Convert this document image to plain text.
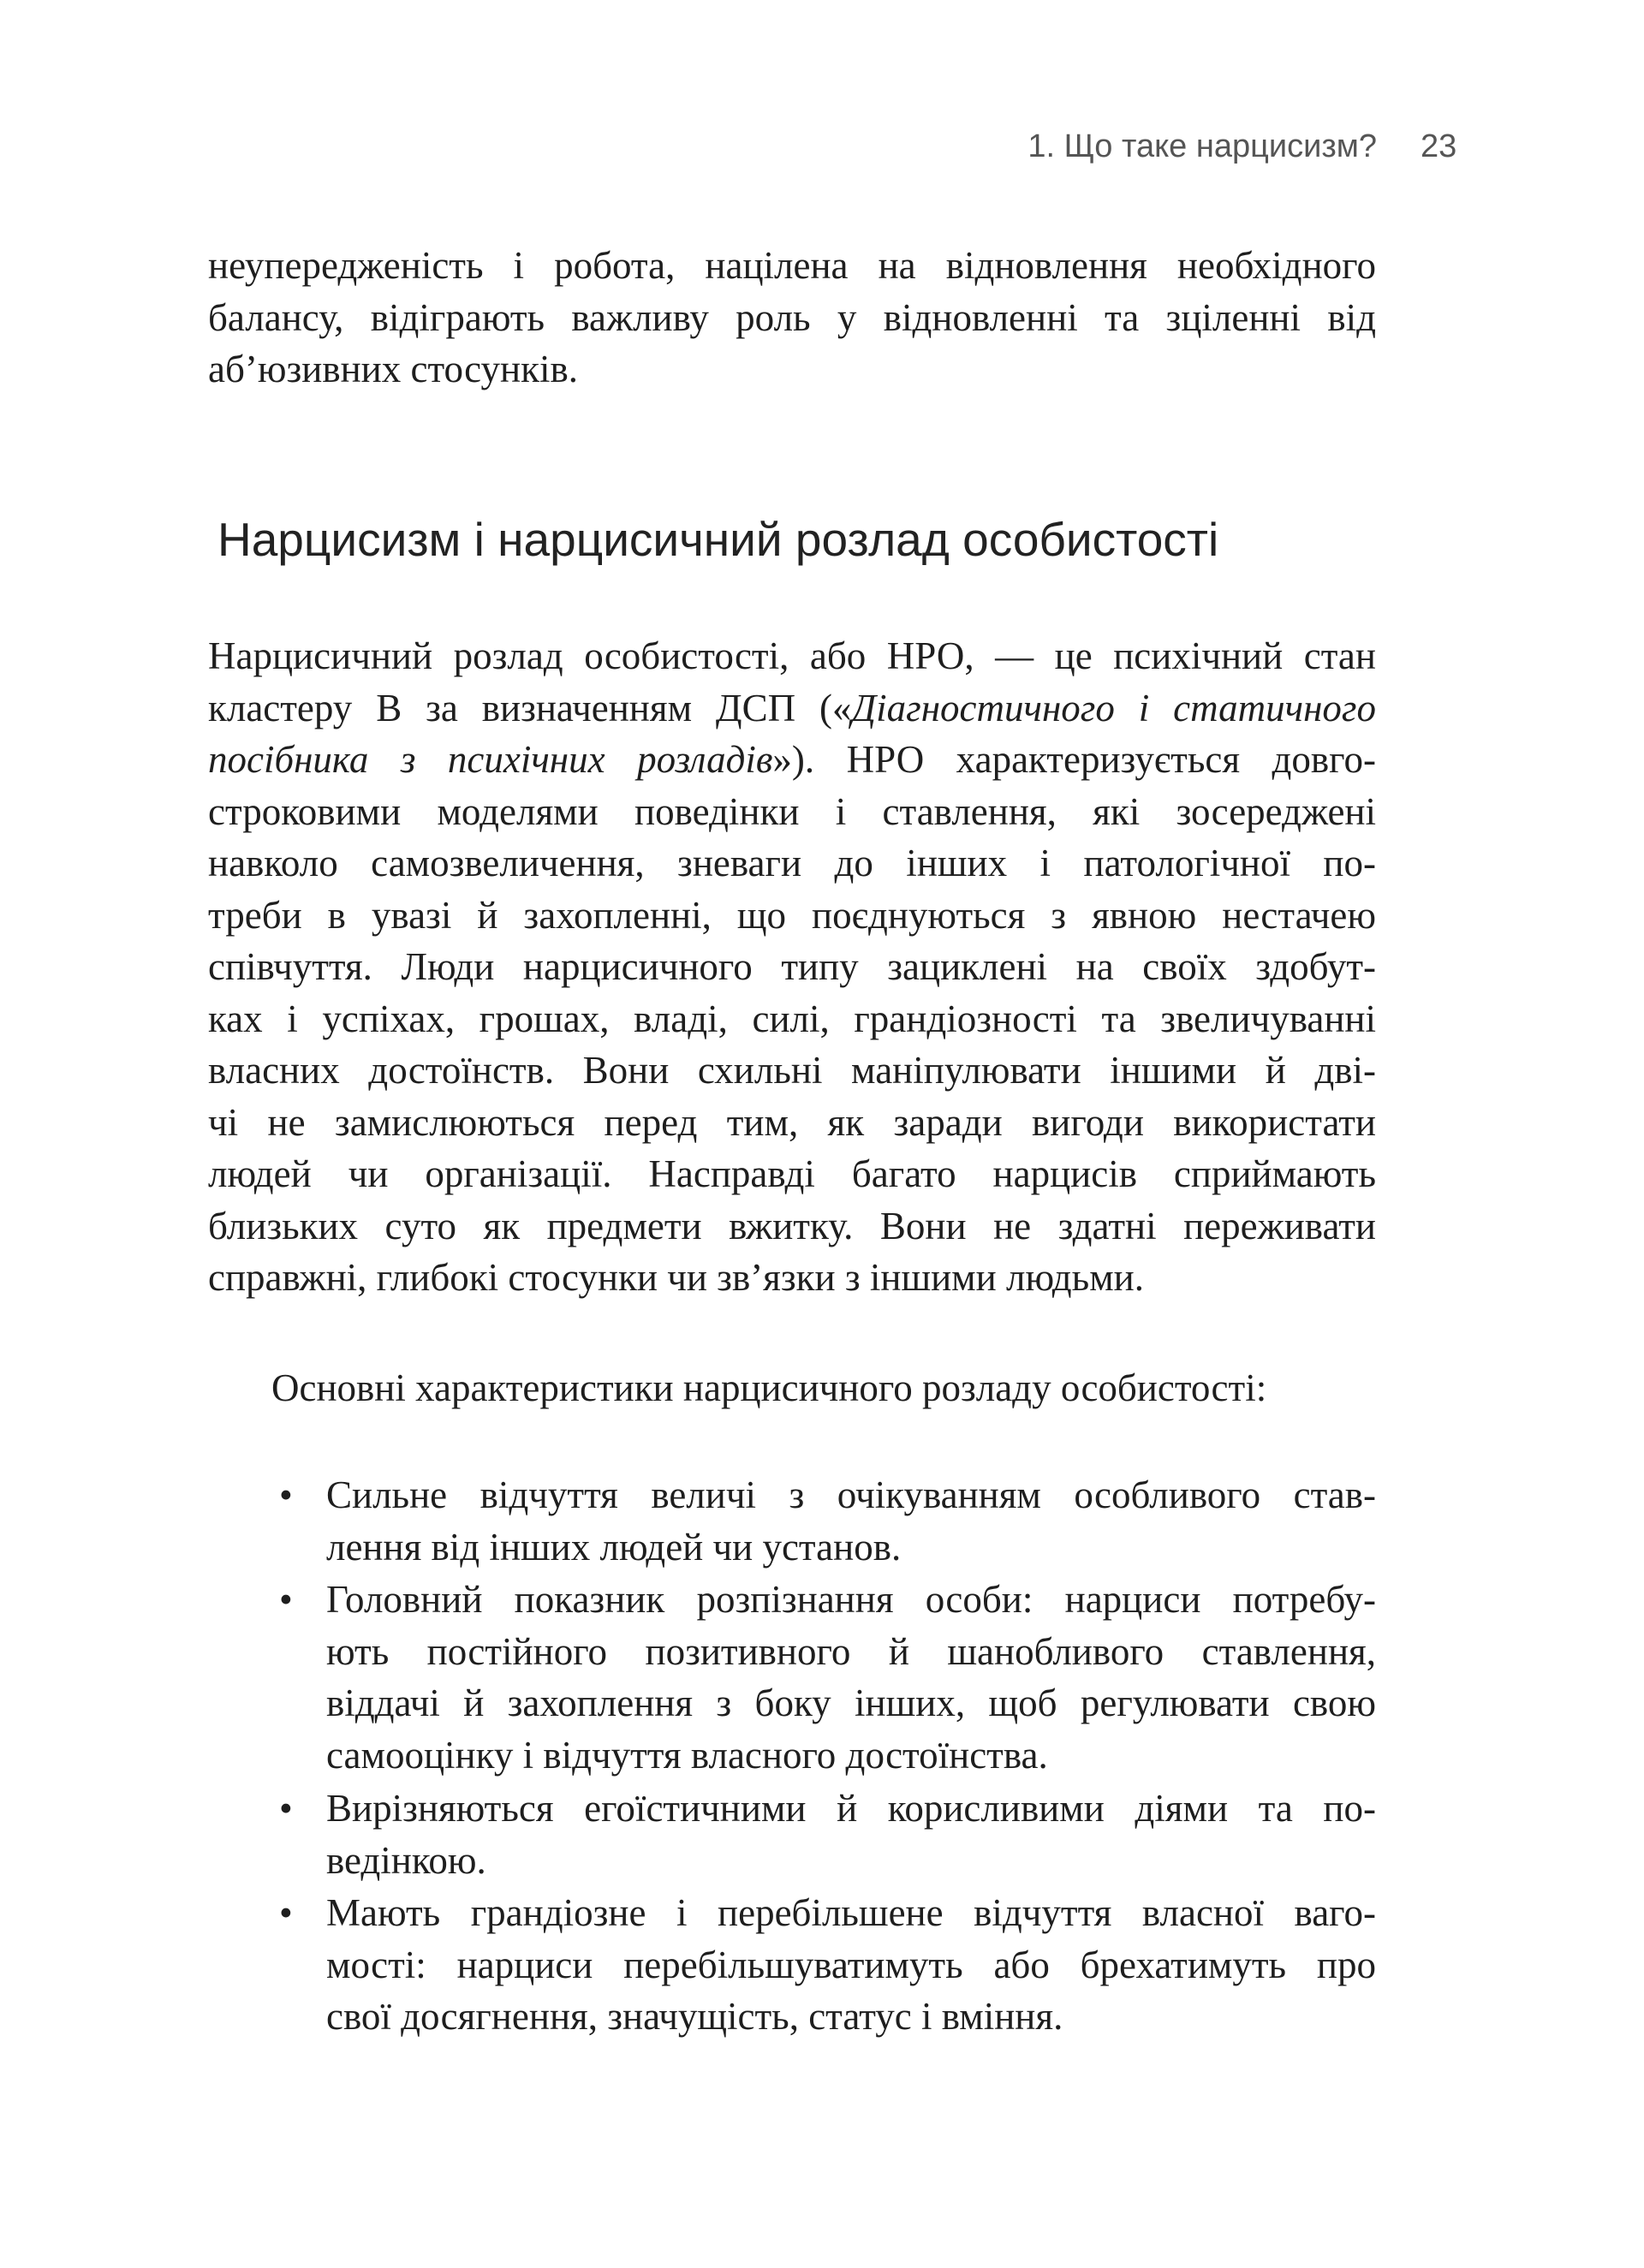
1. Що таке нарцисизм? 23
неупередженість і робота, націлена на відновлення необхідного
балансу, відіграють важливу роль у відновленні та зціленні від
аб’юзивних стосунків.
Нарцисизм і нарцисичний розлад особистості
Нарцисичний розлад особистості, або НРО, — це психічний стан
кластеру В за визначенням ДСП («Діагностичного і статичного
посібника з психічних розладів»). НРО характеризується довго-
строковими моделями поведінки і ставлення, які зосереджені
навколо самозвеличення, зневаги до інших і патологічної по-
треби в увазі й захопленні, що поєднуються з явною нестачею
співчуття. Люди нарцисичного типу зациклені на своїх здобут-
ках і успіхах, грошах, владі, силі, грандіозності та звеличуванні
власних достоїнств. Вони схильні маніпулювати іншими й дві-
чі не замислюються перед тим, як заради вигоди використати
людей чи організації. Насправді багато нарцисів сприймають
близьких суто як предмети вжитку. Вони не здатні переживати
справжні, глибокі стосунки чи зв’язки з іншими людьми.
Основні характеристики нарцисичного розладу особистості:
• Сильне відчуття величі з очікуванням особливого став-
лення від інших людей чи установ.
• Головний показник розпізнання особи: нарциси потребу-
ють постійного позитивного й шанобливого ставлення,
віддачі й захоплення з боку інших, щоб регулювати свою
самооцінку і відчуття власного достоїнства.
• Вирізняються егоїстичними й корисливими діями та по-
ведінкою.
• Мають грандіозне і перебільшене відчуття власної ваго-
мості: нарциси перебільшуватимуть або брехатимуть про
свої досягнення, значущість, статус і вміння.
